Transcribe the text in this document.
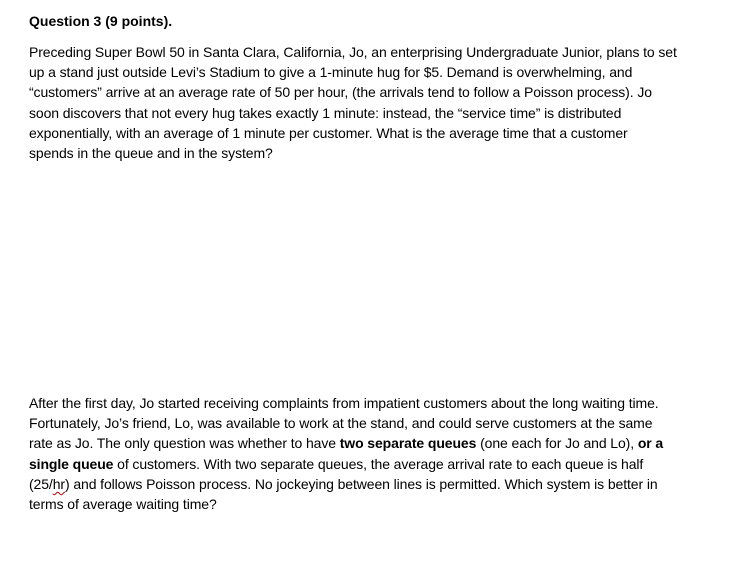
Question 3 (9 points).

Preceding Super Bowl 50 in Santa Clara, California, Jo, an enterprising Undergraduate Junior, plans to set
up a stand just outside Levi’s Stadium to give a 1-minute hug for $5. Demand is overwhelming, and
“customers” arrive at an average rate of 50 per hour, (the arrivals tend to follow a Poisson process). Jo
soon discovers that not every hug takes exactly 1 minute: instead, the “service time” is distributed
exponentially, with an average of 1 minute per customer. What is the average time that a customer
spends in the queue and in the system?

After the first day, Jo started receiving complaints from impatient customers about the long waiting time.
Fortunately, Jo’s friend, Lo, was available to work at the stand, and could serve customers at the same
rate as Jo. The only question was whether to have two separate queues (one each for Jo and Lo), or a
single queue of customers. With two separate queues, the average arrival rate to each queue is half
(25/hr) and follows Poisson process. No jockeying between lines is permitted. Which system is better in
terms of average waiting time?
